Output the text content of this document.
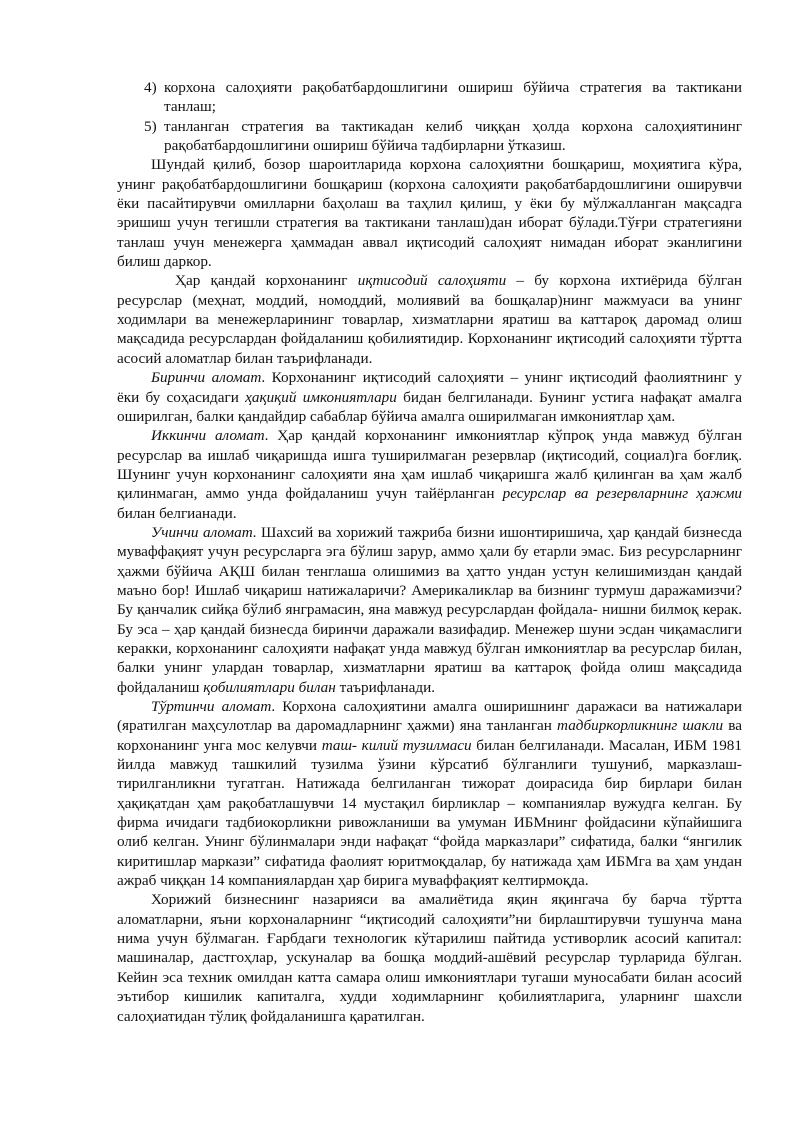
4) корхона салоҳияти рақобатбардошлигини ошириш бўйича стратегия ва тактикани танлаш;
5) танланган стратегия ва тактикадан келиб чиққан ҳолда корхона салоҳиятининг рақобатбардошлигини ошириш бўйича тадбирларни ўтказиш.

Шундай қилиб, бозор шароитларида корхона салоҳиятни бошқариш, моҳиятига кўра, унинг рақобатбардошлигини бошқариш (корхона салоҳияти рақобатбардошлигини оширувчи ёки пасайтирувчи омилларни баҳолаш ва таҳлил қилиш, у ёки бу мўлжалланган мақсадга эришиш учун тегишли стратегия ва тактикани танлаш)дан иборат бўлади.Тўғри стратегияни танлаш учун менежерга ҳаммадан аввал иқтисодий салоҳият нимадан иборат эканлигини билиш даркор.

Ҳар қандай корхонанинг иқтисодий салоҳияти – бу корхона ихтиёрида бўлган ресурслар (меҳнат, моддий, номоддий, молиявий ва бошқалар)нинг мажмуаси ва унинг ходимлари ва менежерларининг товарлар, хизматларни яратиш ва каттароқ даромад олиш мақсадида ресурслардан фойдаланиш қобилиятидир. Корхонанинг иқтисодий салоҳияти тўртта асосий аломатлар билан таърифланади.

Биринчи аломат. Корхонанинг иқтисодий салоҳияти – унинг иқтисодий фаолиятнинг у ёки бу соҳасидаги ҳақиқий имкониятлари бидан белгиланади. Бунинг устига нафақат амалга оширилган, балки қандайдир сабаблар бўйича амалга оширилмаган имкониятлар ҳам.

Иккинчи аломат. Ҳар қандай корхонанинг имкониятлар кўпроқ унда мавжуд бўлган ресурслар ва ишлаб чиқаришда ишга туширилмаган резервлар (иқтисодий, социал)га боғлиқ. Шунинг учун корхонанинг салоҳияти яна ҳам ишлаб чиқаришга жалб қилинган ва ҳам жалб қилинмаган, аммо унда фойдаланиш учун тайёрланган ресурслар ва резервларнинг ҳажми билан белгианади.

Учинчи аломат. Шахсий ва хорижий тажриба бизни ишонтиришича, ҳар қандай бизнесда муваффақият учун ресурсларга эга бўлиш зарур, аммо ҳали бу етарли эмас. Биз ресурсларнинг ҳажми бўйича АҚШ билан тенглаша олишимиз ва ҳатто ундан устун келишимиздан қандай маъно бор! Ишлаб чиқариш натижаларичи? Америкаликлар ва бизнинг турмуш даражамизчи? Бу қанчалик сийқа бўлиб янграмасин, яна мавжуд ресурслардан фойдала- нишни билмоқ керак. Бу эса – ҳар қандай бизнесда биринчи даражали вазифадир. Менежер шуни эсдан чиқамаслиги керакки, корхонанинг салоҳияти нафақат унда мавжуд бўлган имкониятлар ва ресурслар билан, балки унинг улардан товарлар, хизматларни яратиш ва каттароқ фойда олиш мақсадида фойдаланиш қобилиятлари билан таърифланади.

Тўртинчи аломат. Корхона салоҳиятини амалга оширишнинг даражаси ва натижалари (яратилган маҳсулотлар ва даромадларнинг ҳажми) яна танланган тадбиркорликнинг шакли ва корхонанинг унга мос келувчи таш- килий тузилмаси билан белгиланади. Масалан, ИБМ 1981 йилда мавжуд ташкилий тузилма ўзини кўрсатиб бўлганлиги тушуниб, марказлаш- тирилганликни тугатган. Натижада белгиланган тижорат доирасида бир бирлари билан ҳақиқатдан ҳам рақобатлашувчи 14 мустақил бирликлар – компаниялар вужудга келган. Бу фирма ичидаги тадбиокорликни ривожланиши ва умуман ИБМнинг фойдасини кўпайишига олиб келган. Унинг бўлинмалари энди нафақат “фойда марказлари” сифатида, балки “янгилик киритишлар маркази” сифатида фаолият юритмоқдалар, бу натижада ҳам ИБМга ва ҳам ундан ажраб чиққан 14 компаниялардан ҳар бирига муваффақият келтирмоқда.

Хорижий бизнеснинг назарияси ва амалиётида яқин яқингача бу барча тўртта аломатларни, яъни корхоналарнинг “иқтисодий салоҳияти”ни бирлаштирувчи тушунча мана нима учун бўлмаган. Ғарбдаги технологик кўтарилиш пайтида устиворлик асосий капитал: машиналар, дастгоҳлар, ускуналар ва бошқа моддий-ашёвий ресурслар турларида бўлган. Кейин эса техник омилдан катта самара олиш имкониятлари тугаши муносабати билан асосий эътибор кишилик капиталга, худди ходимларнинг қобилиятларига, уларнинг шахсли салоҳиатидан тўлиқ фойдаланишга қаратилган.
